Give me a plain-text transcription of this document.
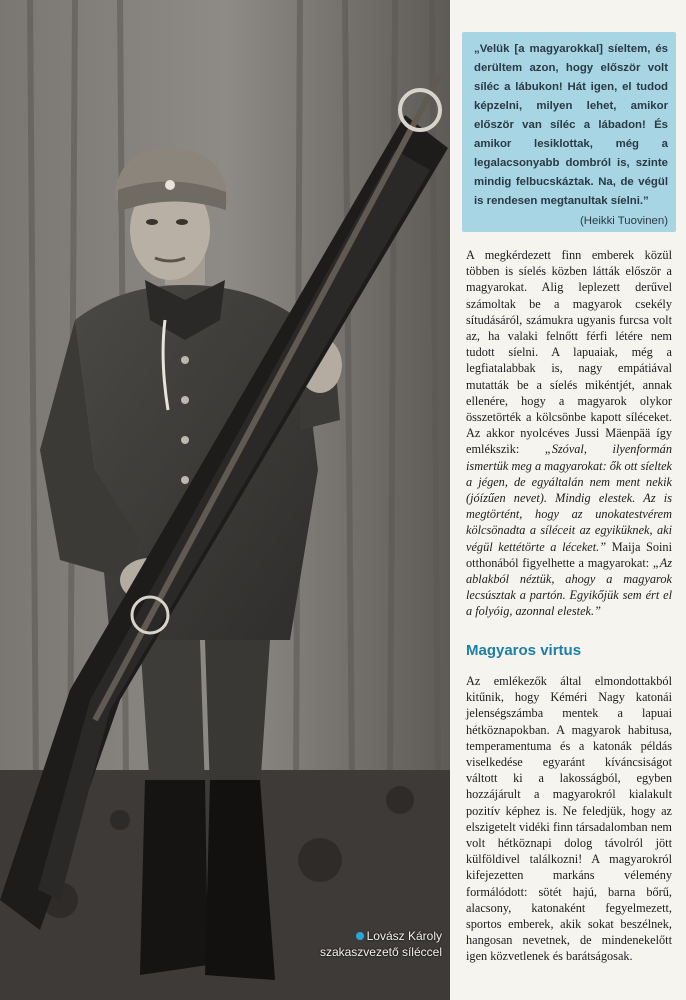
Lovász Károly
szakaszvezető síléccel
„Velük [a magyarokkal] síeltem, és derültem azon, hogy először volt síléc a lábukon! Hát igen, el tudod képzelni, milyen lehet, amikor először van síléc a lábadon! És amikor lesiklottak, még a legalacsonyabb dombról is, szinte mindig felbucskáztak. Na, de végül is rendesen megtanultak síelni.”
(Heikki Tuovinen)
A megkérdezett finn emberek közül többen is síelés közben látták először a magyarokat. Alig leplezett derűvel számoltak be a magyarok csekély sítudásáról, számukra ugyanis furcsa volt az, ha valaki felnőtt férfi létére nem tudott síelni. A lapuaiak, még a legfiatalabbak is, nagy empátiával mutatták be a síelés mikéntjét, annak ellenére, hogy a magyarok olykor összetörték a kölcsönbe kapott síléceket. Az akkor nyolcéves Jussi Mäenpää így emlékszik: „Szóval, ilyenformán ismertük meg a magyarokat: ők ott síeltek a jégen, de egyáltalán nem ment nekik (jóízűen nevet). Mindig elestek. Az is megtörtént, hogy az unokatestvérem kölcsönadta a síléceit az egyiküknek, aki végül kettétörte a léceket.” Maija Soini otthonából figyelhette a magyarokat: „Az ablakból néztük, ahogy a magyarok lecsúsztak a partón. Egyikőjük sem ért el a folyóig, azonnal elestek.”
Magyaros virtus
Az emlékezők által elmondottakból kitűnik, hogy Kéméri Nagy katonái jelenségszámba mentek a lapuai hétköznapokban. A magyarok habitusa, temperamentuma és a katonák példás viselkedése egyaránt kíváncsiságot váltott ki a lakosságból, egyben hozzájárult a magyarokról kialakult pozitív képhez is. Ne feledjük, hogy az elszigetelt vidéki finn társadalomban nem volt hétköznapi dolog távolról jött külföldivel találkozni! A magyarokról kifejezetten markáns vélemény formálódott: sötét hajú, barna bőrű, alacsony, katonaként fegyelmezett, sportos emberek, akik sokat beszélnek, hangosan nevetnek, de mindenekelőtt igen közvetlenek és barátságosak.
